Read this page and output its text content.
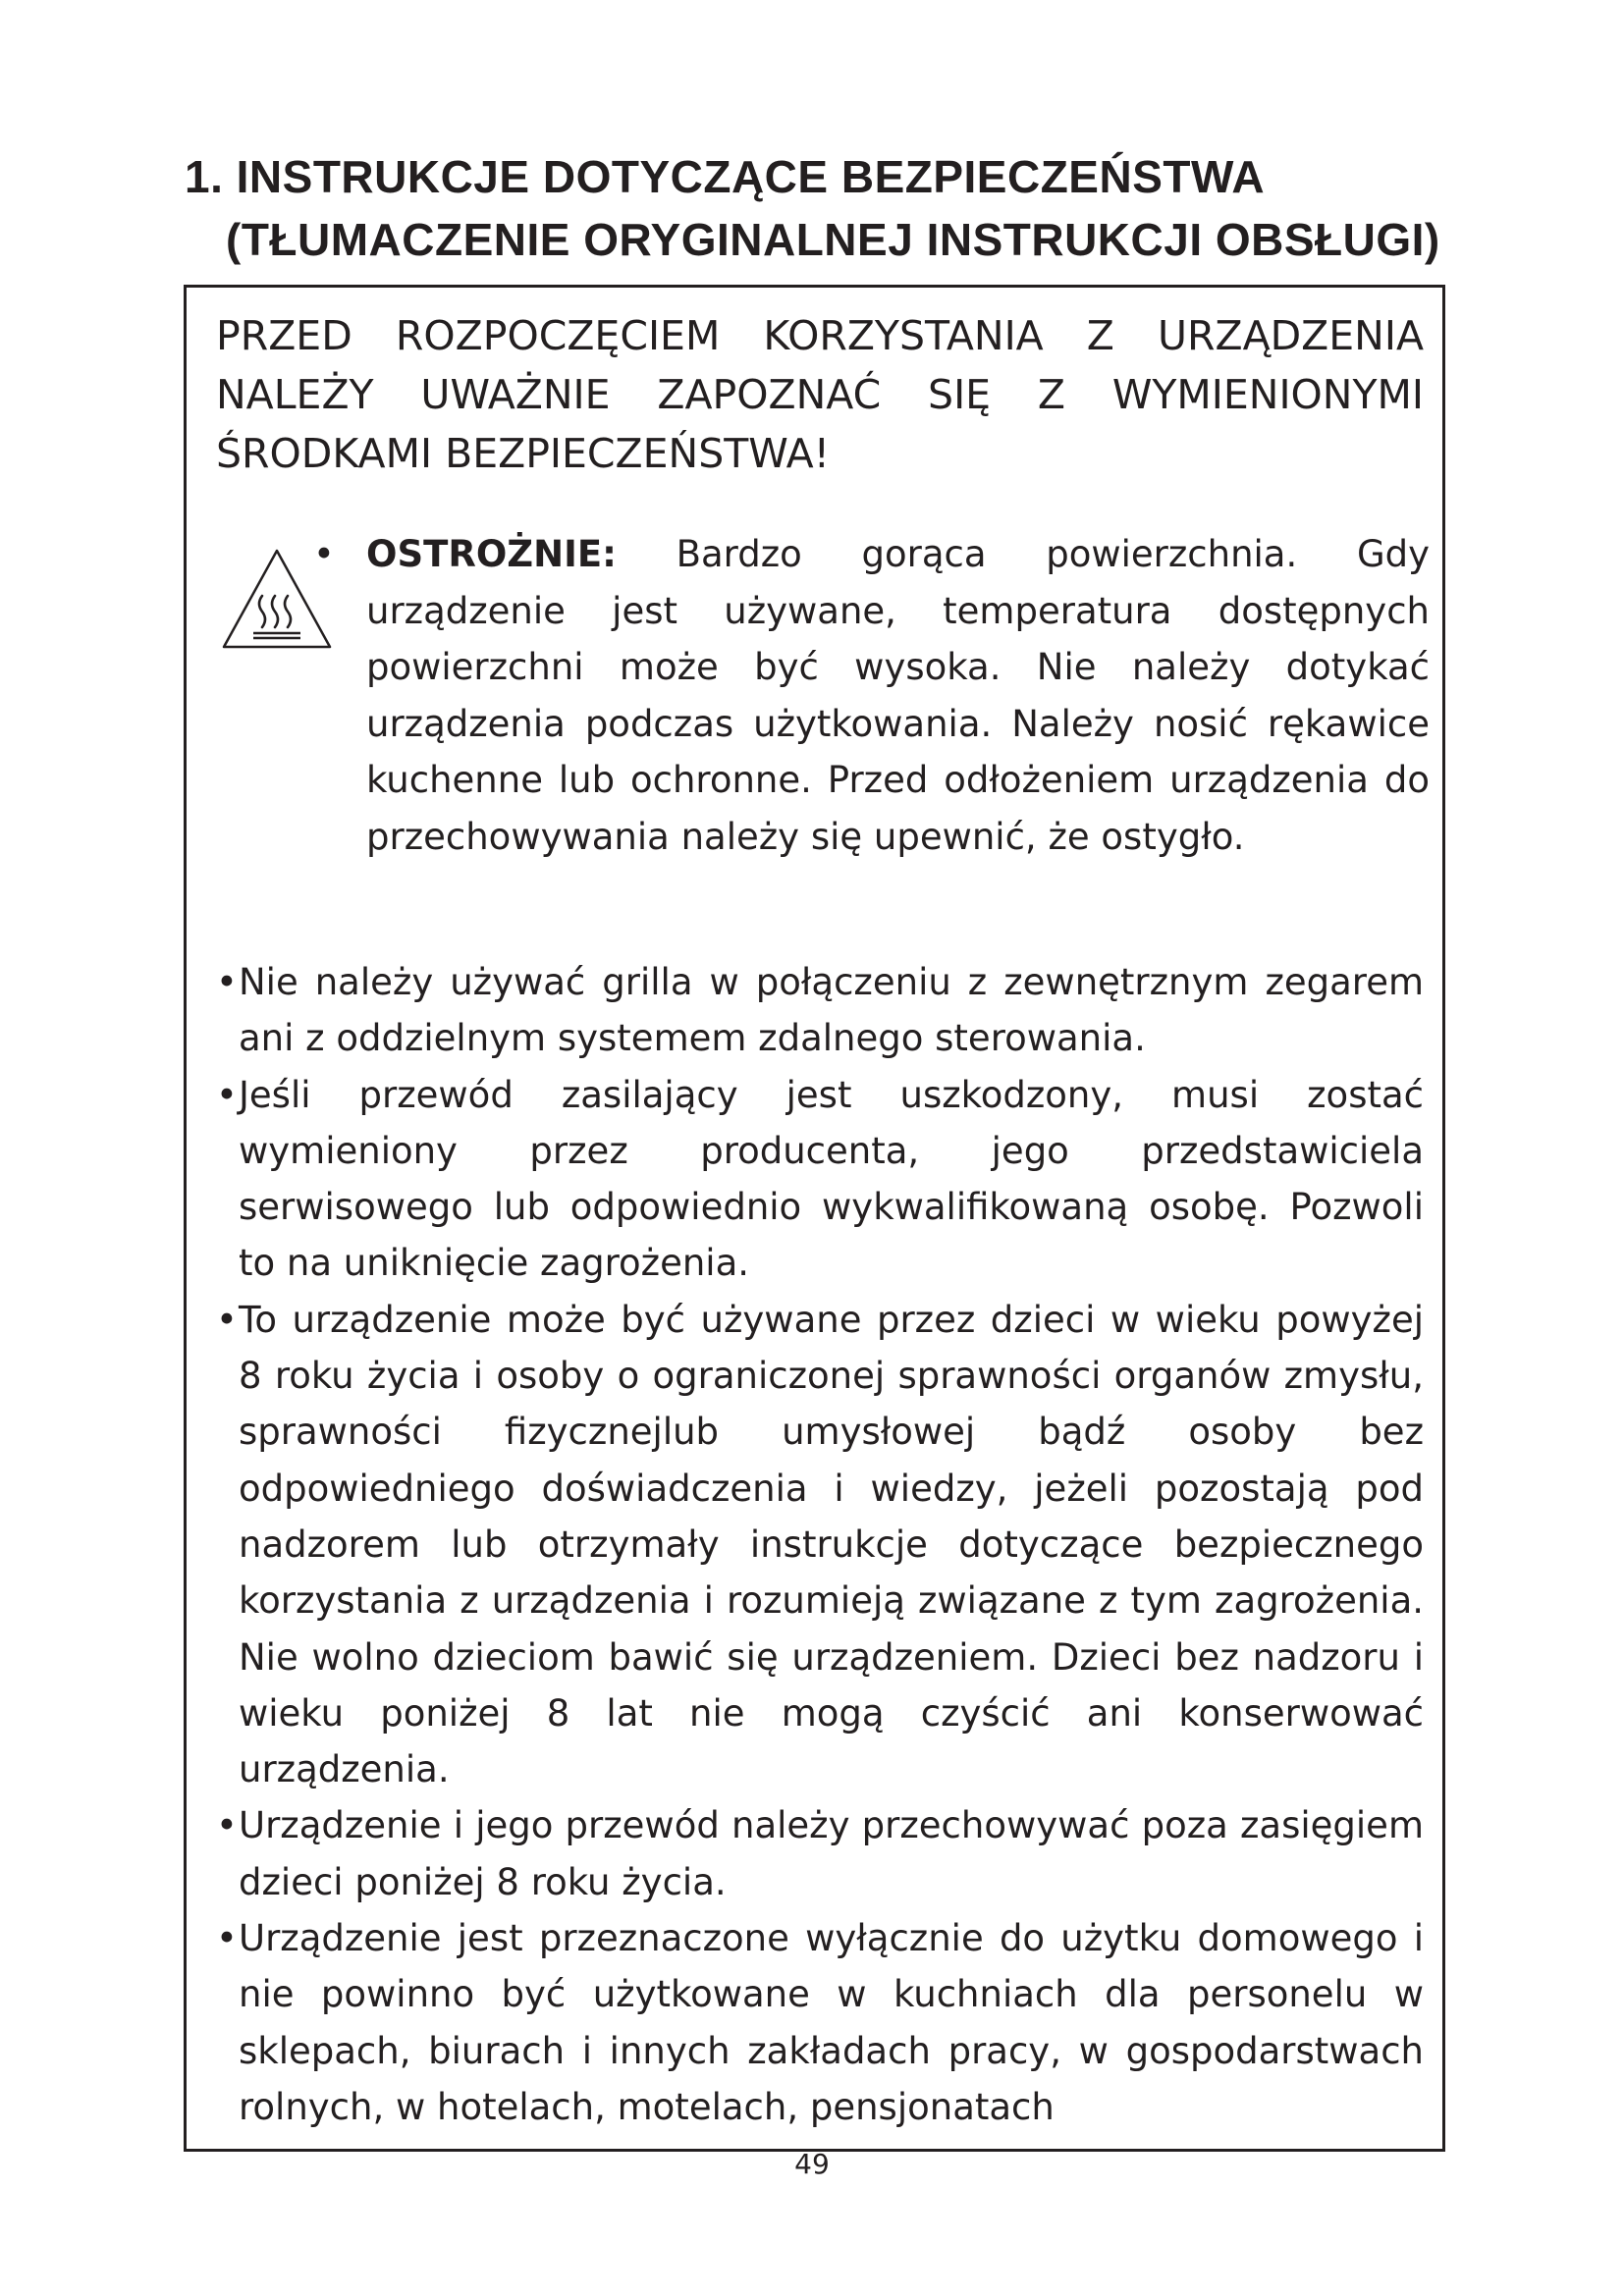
1. INSTRUKCJE DOTYCZĄCE BEZPIECZEŃSTWA
(TŁUMACZENIE ORYGINALNEJ INSTRUKCJI OBSŁUGI)
PRZED ROZPOCZĘCIEM KORZYSTANIA Z URZĄDZENIA NALEŻY UWAŻNIE ZAPOZNAĆ SIĘ Z WYMIENIONYMI ŚRODKAMI BEZPIECZEŃSTWA!

• OSTROŻNIE: Bardzo gorąca powierzchnia. Gdy urządzenie jest używane, temperatura dostępnych powierzchni może być wysoka. Nie należy dotykać urządzenia podczas użytkowania. Należy nosić rękawice kuchenne lub ochronne. Przed odłożeniem urządzenia do przechowywania należy się upewnić, że ostygło.

• Nie należy używać grilla w połączeniu z zewnętrznym zegarem ani z oddzielnym systemem zdalnego sterowania.
• Jeśli przewód zasilający jest uszkodzony, musi zostać wymieniony przez producenta, jego przedstawiciela serwisowego lub odpowiednio wykwalifikowaną osobę. Pozwoli to na uniknięcie zagrożenia.
• To urządzenie może być używane przez dzieci w wieku powyżej 8 roku życia i osoby o ograniczonej sprawności organów zmysłu, sprawności fizycznejlub umysłowej bądź osoby bez odpowiedniego doświadczenia i wiedzy, jeżeli pozostają pod nadzorem lub otrzymały instrukcje dotyczące bezpiecznego korzystania z urządzenia i rozumieją związane z tym zagrożenia. Nie wolno dzieciom bawić się urządzeniem. Dzieci bez nadzoru i wieku poniżej 8 lat nie mogą czyścić ani konserwować urządzenia.
• Urządzenie i jego przewód należy przechowywać poza zasięgiem dzieci poniżej 8 roku życia.
• Urządzenie jest przeznaczone wyłącznie do użytku domowego i nie powinno być użytkowane w kuchniach dla personelu w sklepach, biurach i innych zakładach pracy, w gospodarstwach rolnych, w hotelach, motelach, pensjonatach
49
